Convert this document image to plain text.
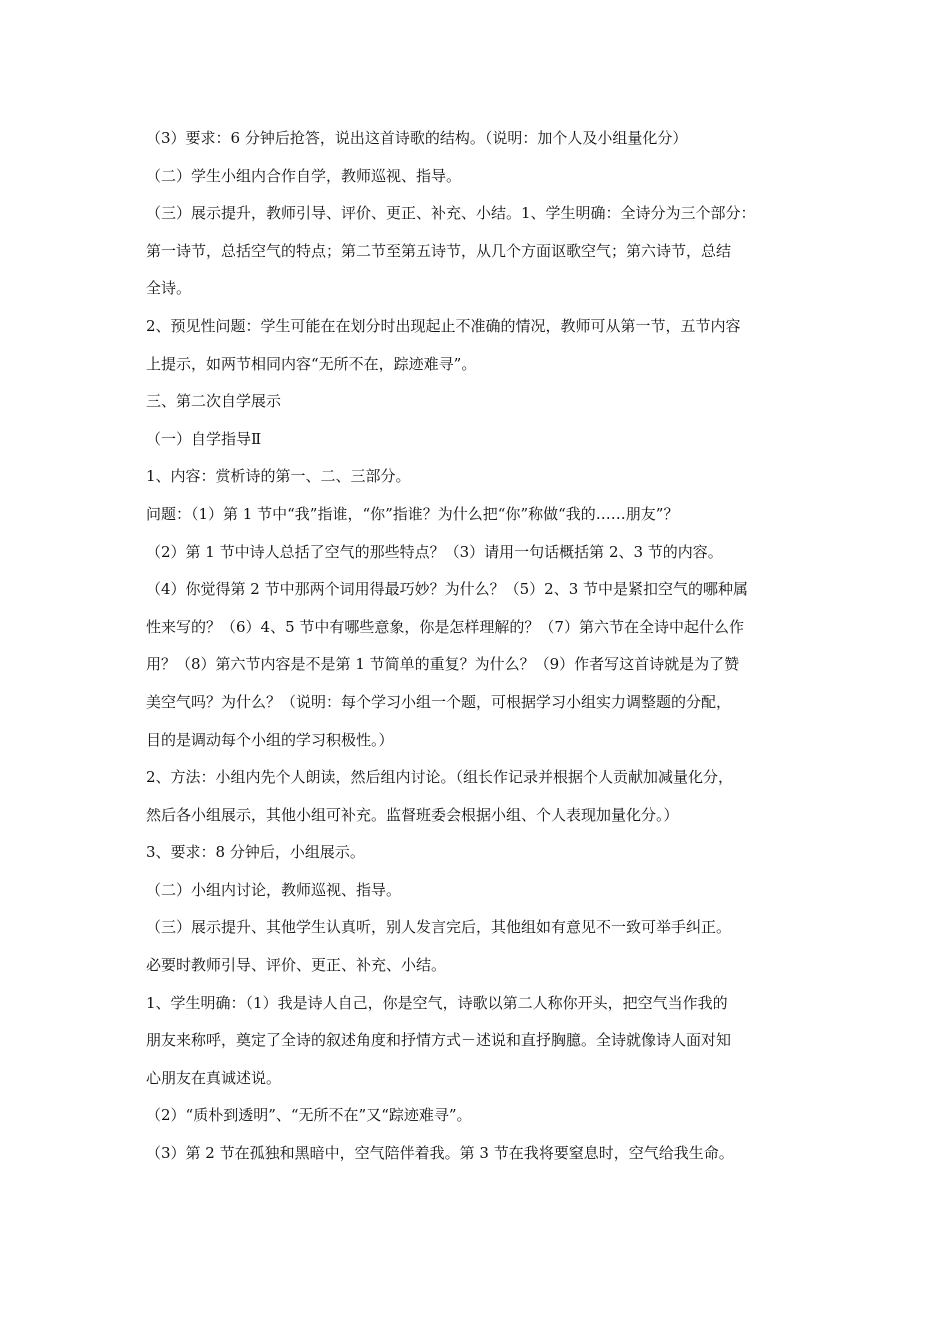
（3）要求：6 分钟后抢答，说出这首诗歌的结构。（说明：加个人及小组量化分）
（二）学生小组内合作自学，教师巡视、指导。
（三）展示提升，教师引导、评价、更正、补充、小结。1、学生明确：全诗分为三个部分：
第一诗节，总括空气的特点；第二节至第五诗节，从几个方面讴歌空气；第六诗节，总结
全诗。
2、预见性问题：学生可能在在划分时出现起止不准确的情况，教师可从第一节，五节内容
上提示，如两节相同内容“无所不在，踪迹难寻”。
三、第二次自学展示
（一）自学指导Ⅱ
1、内容：赏析诗的第一、二、三部分。
问题：（1）第 1 节中“我”指谁，“你”指谁？为什么把“你”称做“我的……朋友”？
（2）第 1 节中诗人总括了空气的那些特点？（3）请用一句话概括第 2、3 节的内容。
（4）你觉得第 2 节中那两个词用得最巧妙？为什么？（5）2、3 节中是紧扣空气的哪种属
性来写的？（6）4、5 节中有哪些意象，你是怎样理解的？（7）第六节在全诗中起什么作
用？（8）第六节内容是不是第 1 节简单的重复？为什么？（9）作者写这首诗就是为了赞
美空气吗？为什么？（说明：每个学习小组一个题，可根据学习小组实力调整题的分配，
目的是调动每个小组的学习积极性。）
2、方法：小组内先个人朗读，然后组内讨论。（组长作记录并根据个人贡献加减量化分，
然后各小组展示，其他小组可补充。监督班委会根据小组、个人表现加量化分。）
3、要求：8 分钟后，小组展示。
（二）小组内讨论，教师巡视、指导。
（三）展示提升、其他学生认真听，别人发言完后，其他组如有意见不一致可举手纠正。
必要时教师引导、评价、更正、补充、小结。
1、学生明确：（1）我是诗人自己，你是空气，诗歌以第二人称你开头，把空气当作我的
朋友来称呼，奠定了全诗的叙述角度和抒情方式－述说和直抒胸臆。全诗就像诗人面对知
心朋友在真诚述说。
（2）“质朴到透明”、“无所不在”又“踪迹难寻”。
（3）第 2 节在孤独和黑暗中，空气陪伴着我。第 3 节在我将要窒息时，空气给我生命。
